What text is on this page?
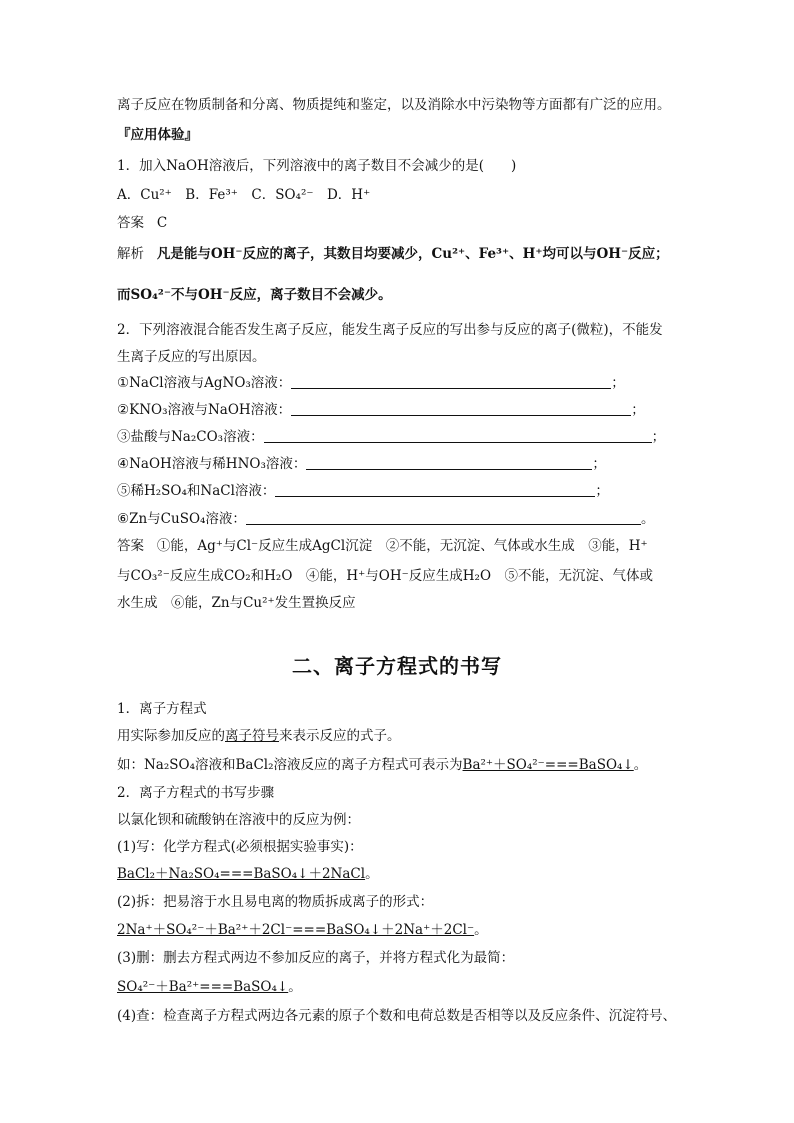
离子反应在物质制备和分离、物质提纯和鉴定，以及消除水中污染物等方面都有广泛的应用。
『应用体验』
1．加入NaOH溶液后，下列溶液中的离子数目不会减少的是(　　)
A．Cu²⁺　B．Fe³⁺　C．SO₄²⁻　D．H⁺
答案 C
解析 凡是能与OH⁻反应的离子，其数目均要减少，Cu²⁺、Fe³⁺、H⁺均可以与OH⁻反应；
而SO₄²⁻不与OH⁻反应，离子数目不会减少。
2．下列溶液混合能否发生离子反应，能发生离子反应的写出参与反应的离子(微粒)，不能发
生离子反应的写出原因。
①NaCl溶液与AgNO₃溶液：	；
②KNO₃溶液与NaOH溶液：	；
③盐酸与Na₂CO₃溶液：	；
④NaOH溶液与稀HNO₃溶液：	；
⑤稀H₂SO₄和NaCl溶液：	；
⑥Zn与CuSO₄溶液：	。
答案 ①能，Ag⁺与Cl⁻反应生成AgCl沉淀　②不能，无沉淀、气体或水生成　③能，H⁺
与CO₃²⁻反应生成CO₂和H₂O　④能，H⁺与OH⁻反应生成H₂O　⑤不能，无沉淀、气体或
水生成　⑥能，Zn与Cu²⁺发生置换反应
二、离子方程式的书写
1．离子方程式
用实际参加反应的离子符号来表示反应的式子。
如：Na₂SO₄溶液和BaCl₂溶液反应的离子方程式可表示为Ba²⁺＋SO₄²⁻===BaSO₄↓。
2．离子方程式的书写步骤
以氯化钡和硫酸钠在溶液中的反应为例：
(1)写：化学方程式(必须根据实验事实)：
BaCl₂＋Na₂SO₄===BaSO₄↓＋2NaCl。
(2)拆：把易溶于水且易电离的物质拆成离子的形式：
2Na⁺＋SO₄²⁻＋Ba²⁺＋2Cl⁻===BaSO₄↓＋2Na⁺＋2Cl⁻。
(3)删：删去方程式两边不参加反应的离子，并将方程式化为最简：
SO₄²⁻＋Ba²⁺===BaSO₄↓。
(4)查：检查离子方程式两边各元素的原子个数和电荷总数是否相等以及反应条件、沉淀符号、
